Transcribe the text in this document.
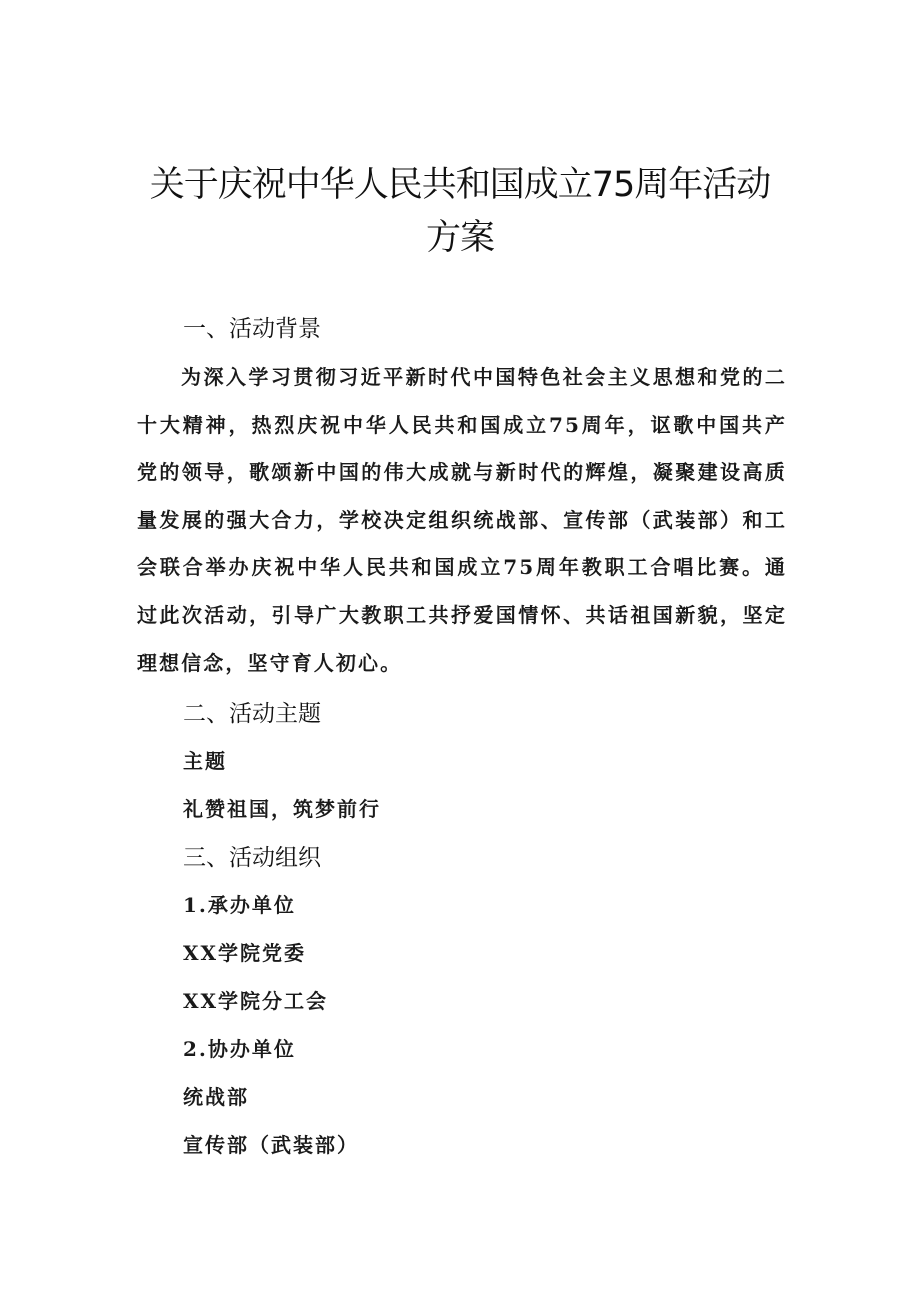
关于庆祝中华人民共和国成立75周年活动
方案
一、活动背景

为深入学习贯彻习近平新时代中国特色社会主义思想和党的二十大精神，热烈庆祝中华人民共和国成立75周年，讴歌中国共产党的领导，歌颂新中国的伟大成就与新时代的辉煌，凝聚建设高质量发展的强大合力，学校决定组织统战部、宣传部（武装部）和工会联合举办庆祝中华人民共和国成立75周年教职工合唱比赛。通过此次活动，引导广大教职工共抒爱国情怀、共话祖国新貌，坚定理想信念，坚守育人初心。

二、活动主题

主题

礼赞祖国，筑梦前行

三、活动组织

1.承办单位

XX学院党委

XX学院分工会

2.协办单位

统战部

宣传部（武装部）
